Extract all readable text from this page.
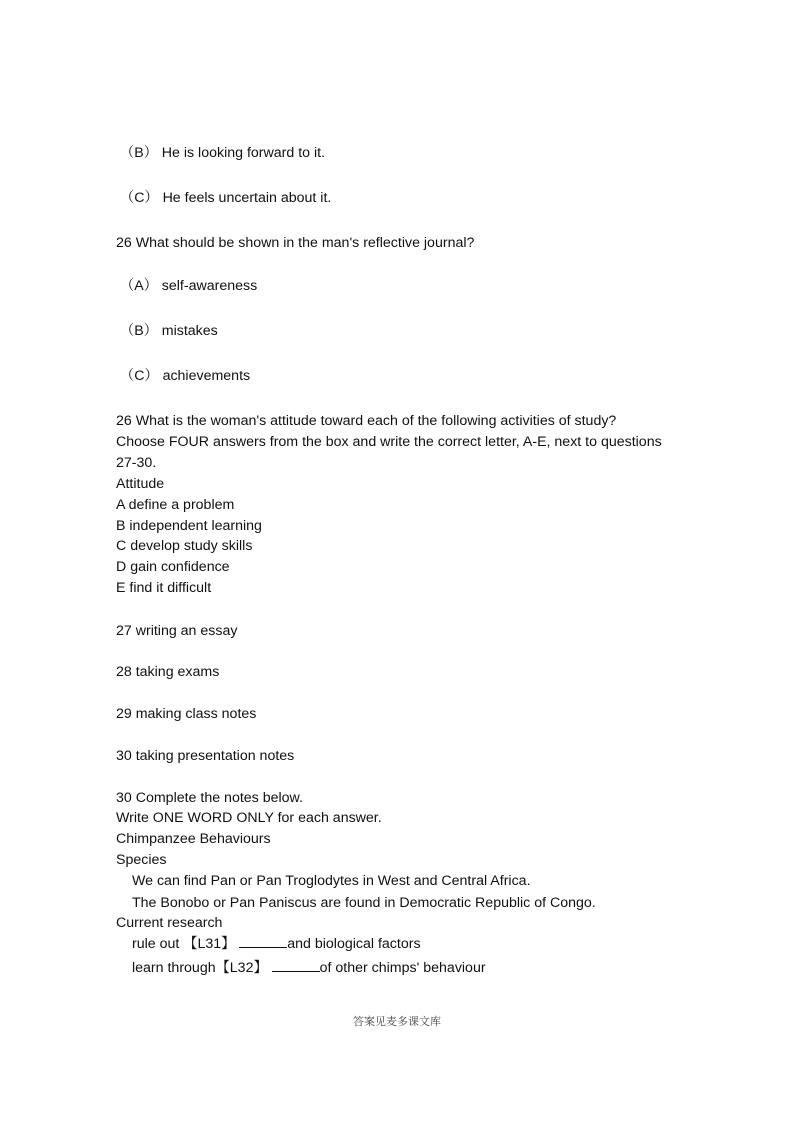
（B） He is looking forward to it.
（C） He feels uncertain about it.
26 What should be shown in the man's reflective journal?
（A） self-awareness
（B） mistakes
（C） achievements
26 What is the woman's attitude toward each of the following activities of study?
Choose FOUR answers from the box and write the correct letter, A-E, next to questions
27-30.
Attitude
A define a problem
B independent learning
C develop study skills
D gain confidence
E find it difficult
27 writing an essay
28 taking exams
29 making class notes
30 taking presentation notes
30 Complete the notes below.
Write ONE WORD ONLY for each answer.
Chimpanzee Behaviours
Species
We can find Pan or Pan Troglodytes in West and Central Africa.
The Bonobo or Pan Paniscus are found in Democratic Republic of Congo.
Current research
rule out 【L31】	and biological factors
learn through【L32】	of other chimps' behaviour
答案见麦多课文库
